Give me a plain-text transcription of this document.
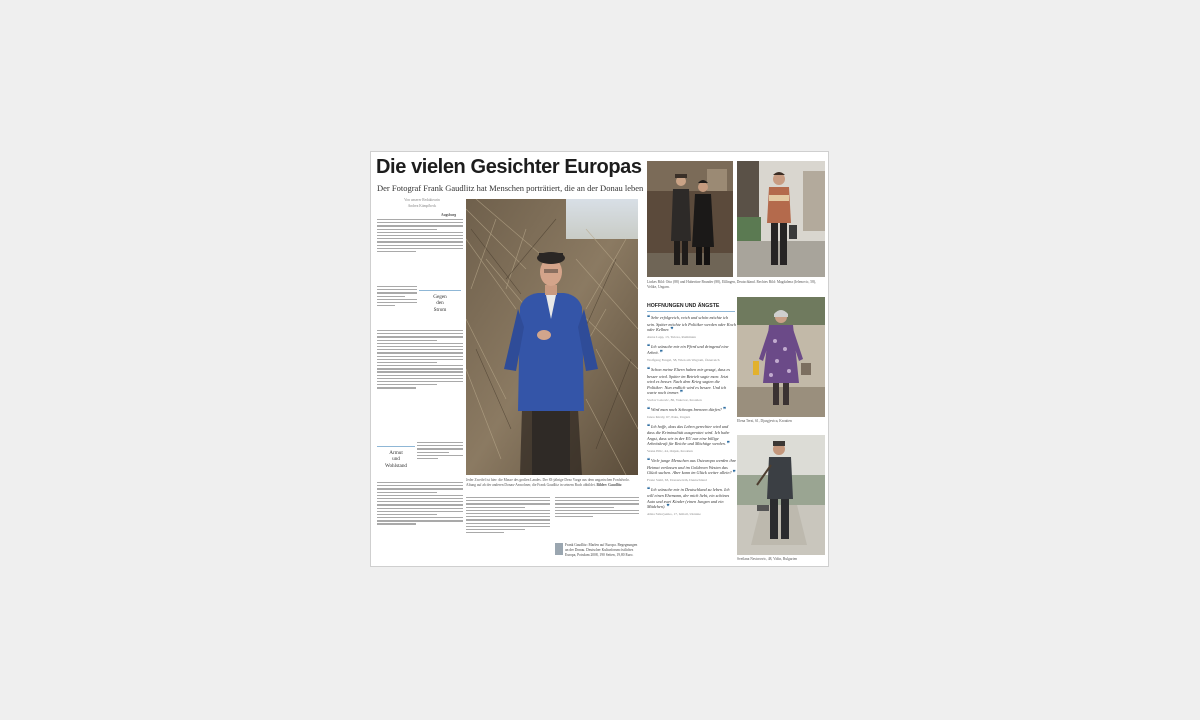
Die vielen Gesichter Europas

Der Fotograf Frank Gaudlitz hat Menschen porträtiert, die an der Donau leben

Von unserer Redakteurin
Andrea Kümpfbeck
Augsburg
Gegen
den
Strom
Armut
und
Wohlstand
Jeder Zweifel ist hier: die Masse des großen Landes. Der 83-jährige Dezo Varga aus dem ungarischen Fonfalvolo. Altung auf ab der anderen Donau-Anwohner, die Frank Gaudlitz in seinem Buch abbildet. Bilder: Gaudlitz
Frank Gaudlitz: Marlen auf Europa. Begegnungen an der Donau. Deutscher Kulturforum östliches Europa, Potsdam 2008, 190 Seiten, 19,80 Euro.
Linkes Bild: Otto (88) und Hubertine Brunder (88), Eßlingen, Deutschland. Rechtes Bild: Magdalena (Jelenovic, 58), Velike, Ungarn.
Elena Terzi, 61, Djurgjevica, Kroatien
Svetlana Nestorovic, 48, Vidin, Bulgarien
HOFFNUNGEN UND ÄNGSTE
❝ Sehr erfolgreich, reich und schön möchte ich sein. Später möchte ich Politiker werden oder Koch oder Kellner. ❞
Alexe Lapp, 13, Tulcea, Rumänien
❝ Ich wünsche mir ein Pferd und dringend eine Arbeit. ❞
Wolfgang Fengel, 58, Wien am Wagram, Österreich
❝ Schon meine Eltern haben mir gesagt, dass es besser wird. Später im Betrieb sagte man: Jetzt wird es besser. Nach dem Krieg sagten die Politiker: Nun endlich wird es besser. Und ich warte noch immer. ❞
Vaclav Lakovic, 86, Vukovar, Kroatien
❝ Wird man noch Schnaps brennen dürfen? ❞
Janos Kiraly, 67, Paks, Ungarn
❝ Ich hoffe, dass das Leben gerechter wird und dass die Kriminalität ausgerottet wird. Ich habe Angst, dass wir in der EU nur eine billige Arbeitskraft für Reiche und Mächtige werden. ❞
Vesna Pilic, 44, Osijek, Kroatien
❝ Viele junge Menschen aus Osteuropa werden ihre Heimat verlassen und im Goldenen Westen das Glück suchen. Aber kann im Glück weiter allein? ❞
Franz Stahl, 63, Donauwörth, Deutschland
❝ Ich wünsche mir in Deutschland zu leben. Ich will einen Ehemann, der mich liebt, ein schönes Auto und zwei Kinder (einen Jungen und ein Mädchen). ❞
Alina Sidoryenko, 17, Izmail, Ukraine
